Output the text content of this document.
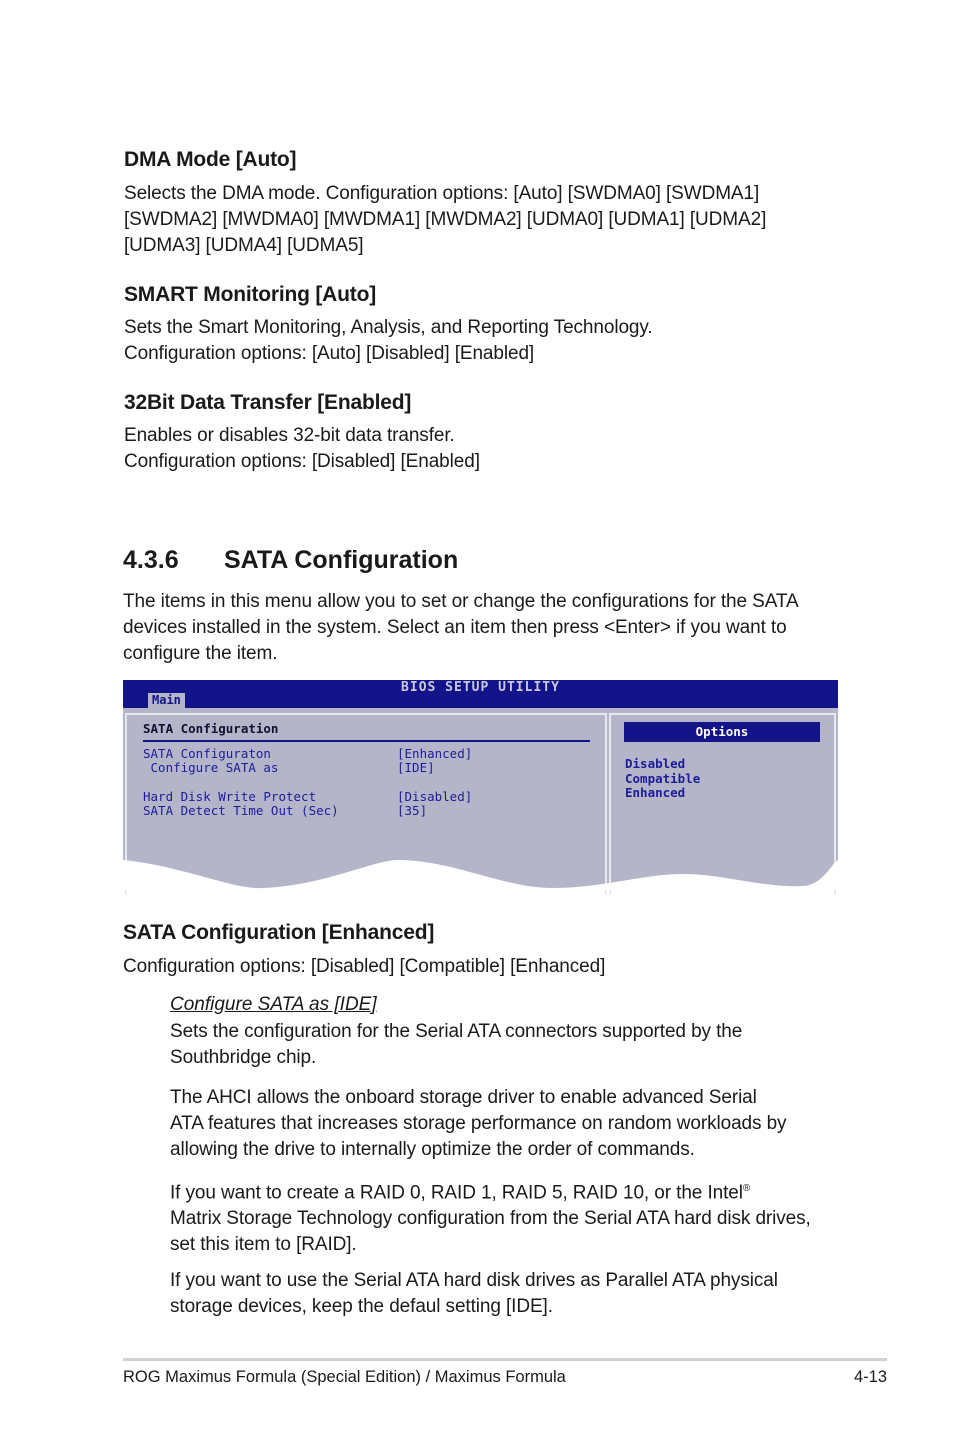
DMA Mode [Auto]
Selects the DMA mode. Configuration options: [Auto] [SWDMA0] [SWDMA1]
[SWDMA2] [MWDMA0] [MWDMA1] [MWDMA2] [UDMA0] [UDMA1] [UDMA2]
[UDMA3] [UDMA4] [UDMA5]
SMART Monitoring [Auto]
Sets the Smart Monitoring, Analysis, and Reporting Technology.
Configuration options: [Auto] [Disabled] [Enabled]
32Bit Data Transfer [Enabled]
Enables or disables 32-bit data transfer.
Configuration options: [Disabled] [Enabled]
4.3.6 SATA Configuration
The items in this menu allow you to set or change the configurations for the SATA
devices installed in the system. Select an item then press <Enter> if you want to
configure the item.
BIOS SETUP UTILITY
Main
SATA Configuration
SATA Configuraton	[Enhanced]
Configure SATA as	[IDE]
Hard Disk Write Protect	[Disabled]
SATA Detect Time Out (Sec)	[35]
Options
Disabled
Compatible
Enhanced
SATA Configuration [Enhanced]
Configuration options: [Disabled] [Compatible] [Enhanced]
Configure SATA as [IDE]
Sets the configuration for the Serial ATA connectors supported by the
Southbridge chip.
The AHCI allows the onboard storage driver to enable advanced Serial
ATA features that increases storage performance on random workloads by
allowing the drive to internally optimize the order of commands.
If you want to create a RAID 0, RAID 1, RAID 5, RAID 10, or the Intel®
Matrix Storage Technology configuration from the Serial ATA hard disk drives,
set this item to [RAID].
If you want to use the Serial ATA hard disk drives as Parallel ATA physical
storage devices, keep the defaul setting [IDE].
ROG Maximus Formula (Special Edition) / Maximus Formula	4-13
